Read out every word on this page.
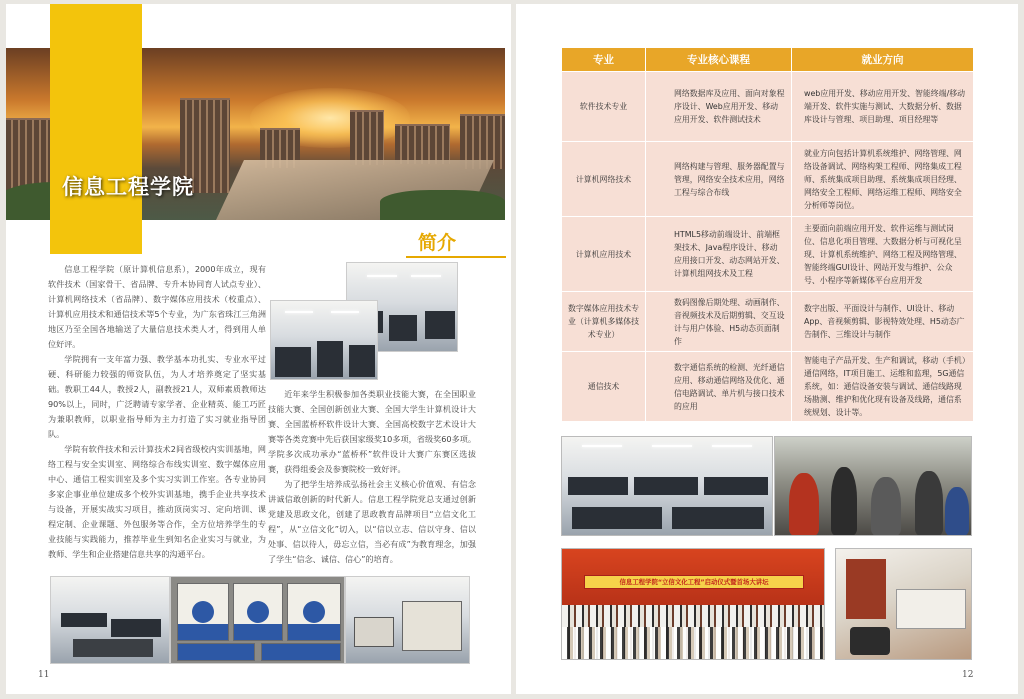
信息工程学院
简介

信息工程学院（原计算机信息系），2000年成立，现有软件技术（国家骨干、省品牌、专升本协同育人试点专业）、计算机网络技术（省品牌）、数字媒体应用技术（校重点）、计算机应用技术和通信技术等5个专业，为广东省珠江三角洲地区乃至全国各地输送了大量信息技术类人才，得到用人单位好评。

学院拥有一支年富力强、教学基本功扎实、专业水平过硬、科研能力较强的师资队伍，为人才培养奠定了坚实基础。教职工44人，教授2人，副教授21人，双师素质教师达90%以上，同时，广泛聘请专家学者、企业精英、能工巧匠为兼职教师，以职业指导师为主力打造了实习就业指导团队。

学院有软件技术和云计算技术2间省级校内实训基地，网络工程与安全实训室、网络综合布线实训室、数字媒体应用中心、通信工程实训室及多个实习实训工作室。各专业协同多家企事业单位建成多个校外实训基地，携手企业共享技术与设备，开展实战实习项目，推动顶岗实习、定向培训、课程定制、企业课题、外包服务等合作，全方位培养学生的专业技能与实践能力，推荐毕业生到知名企业实习与就业，为教师、学生和企业搭建信息共享的沟通平台。

近年来学生积极参加各类职业技能大赛，在全国职业技能大赛、全国创新创业大赛、全国大学生计算机设计大赛、全国蓝桥杯软件设计大赛、全国高校数字艺术设计大赛等各类竞赛中先后获国家级奖10多项，省级奖60多项。学院多次成功承办“蓝桥杯”软件设计大赛广东赛区选拔赛，获得组委会及参赛院校一致好评。

为了把学生培养成弘扬社会主义核心价值观、有信念讲诚信敢创新的时代新人。信息工程学院党总支通过创新党建及思政文化，创建了思政教育品牌项目“立信文化工程”，从“立信文化”切入，以“信以立志、信以守身、信以处事、信以待人，毋忘立信，当必有成”为教育理念，加强了学生“信念、诚信、信心”的培育。

11
专业	专业核心课程	就业方向
软件技术专业	网络数据库及应用、面向对象程序设计、Web应用开发、移动应用开发、软件测试技术	web应用开发、移动应用开发、智能终端/移动端开发、软件实施与测试、大数据分析、数据库设计与管理、项目助理、项目经理等
计算机网络技术	网络构建与管理、服务器配置与管理，网络安全技术应用，网络工程与综合布线	就业方向包括计算机系统维护、网络管理、网络设备调试、网络构架工程师、网络集成工程师、系统集成项目助理、系统集成项目经理、网络安全工程师、网络运维工程师、网络安全分析师等岗位。
计算机应用技术	HTML5移动前端设计、前端框架技术、Java程序设计、移动应用接口开发、动态网站开发、计算机组网技术及工程	主要面向前端应用开发、软件运维与测试岗位、信息化项目管理、大数据分析与可视化呈现、计算机系统维护、网络工程及网络管理、智能终端GUI设计、网站开发与维护、公众号、小程序等新媒体平台应用开发
数字媒体应用技术专业（计算机多媒体技术专业）	数码图像后期处理、动画制作、音视频技术及后期剪辑、交互设计与用户体验、H5动态页面制作	数字出版、平面设计与制作、UI设计、移动App、音视频剪辑、影视特效处理、H5动态广告制作、三维设计与制作
通信技术	数字通信系统的检测、光纤通信应用、移动通信网络及优化、通信电路调试、单片机与接口技术的应用	智能电子产品开发、生产和调试，移动（手机）通信网络，IT项目施工、运维和监理，5G通信系统，如：通信设备安装与调试、通信线路现场勘测、维护和优化现有设备及线路，通信系统规划、设计等。
信息工程学院“立信文化工程”启动仪式暨首场大讲坛
12
